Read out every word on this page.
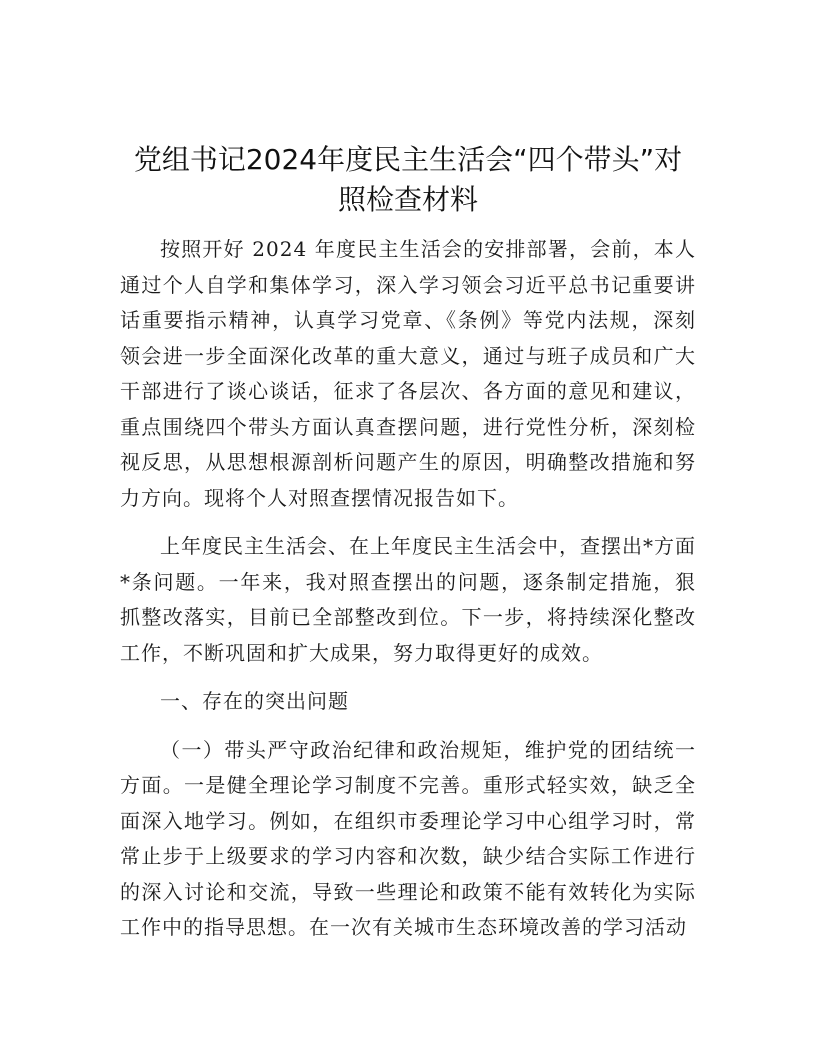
党组书记2024年度民主生活会“四个带头”对照检查材料

按照开好 2024 年度民主生活会的安排部署，会前，本人通过个人自学和集体学习，深入学习领会习近平总书记重要讲话重要指示精神，认真学习党章、《条例》等党内法规，深刻领会进一步全面深化改革的重大意义，通过与班子成员和广大干部进行了谈心谈话，征求了各层次、各方面的意见和建议，重点围绕四个带头方面认真查摆问题，进行党性分析，深刻检视反思，从思想根源剖析问题产生的原因，明确整改措施和努力方向。现将个人对照查摆情况报告如下。

上年度民主生活会、在上年度民主生活会中，查摆出*方面*条问题。一年来，我对照查摆出的问题，逐条制定措施，狠抓整改落实，目前已全部整改到位。下一步，将持续深化整改工作，不断巩固和扩大成果，努力取得更好的成效。

一、存在的突出问题

（一）带头严守政治纪律和政治规矩，维护党的团结统一方面。一是健全理论学习制度不完善。重形式轻实效，缺乏全面深入地学习。例如，在组织市委理论学习中心组学习时，常常止步于上级要求的学习内容和次数，缺少结合实际工作进行的深入讨论和交流，导致一些理论和政策不能有效转化为实际工作中的指导思想。在一次有关城市生态环境改善的学习活动
